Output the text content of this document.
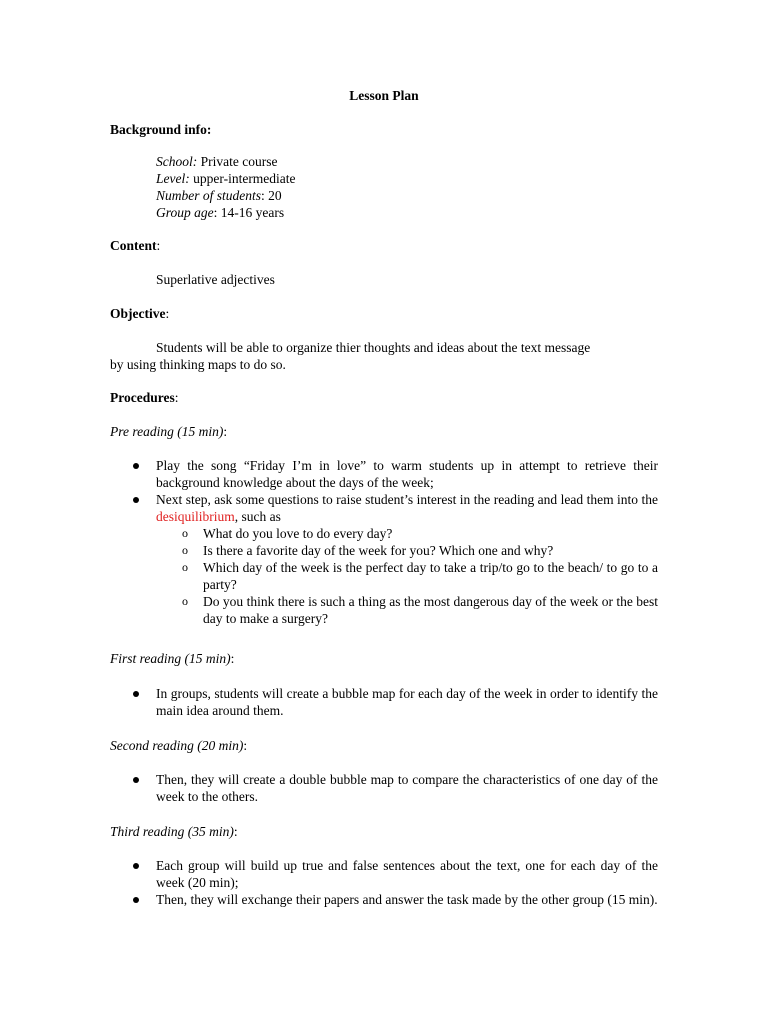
Lesson Plan
Background info:
School: Private course
Level: upper-intermediate
Number of students: 20
Group age: 14-16 years
Content:
Superlative adjectives
Objective:
Students will be able to organize thier thoughts and ideas about the text message
by using thinking maps to do so.
Procedures:
Pre reading (15 min):
Play the song “Friday I’m in love” to warm students up in attempt to retrieve their background knowledge about the days of the week;
Next step, ask some questions to raise student’s interest in the reading and lead them into the desiquilibrium, such as
o What do you love to do every day?
o Is there a favorite day of the week for you? Which one and why?
o Which day of the week is the perfect day to take a trip/to go to the beach/ to go to a party?
o Do you think there is such a thing as the most dangerous day of the week or the best day to make a surgery?
First reading (15 min):
In groups, students will create a bubble map for each day of the week in order to identify the main idea around them.
Second reading (20 min):
Then, they will create a double bubble map to compare the characteristics of one day of the week to the others.
Third reading (35 min):
Each group will build up true and false sentences about the text, one for each day of the week (20 min);
Then, they will exchange their papers and answer the task made by the other group (15 min).
